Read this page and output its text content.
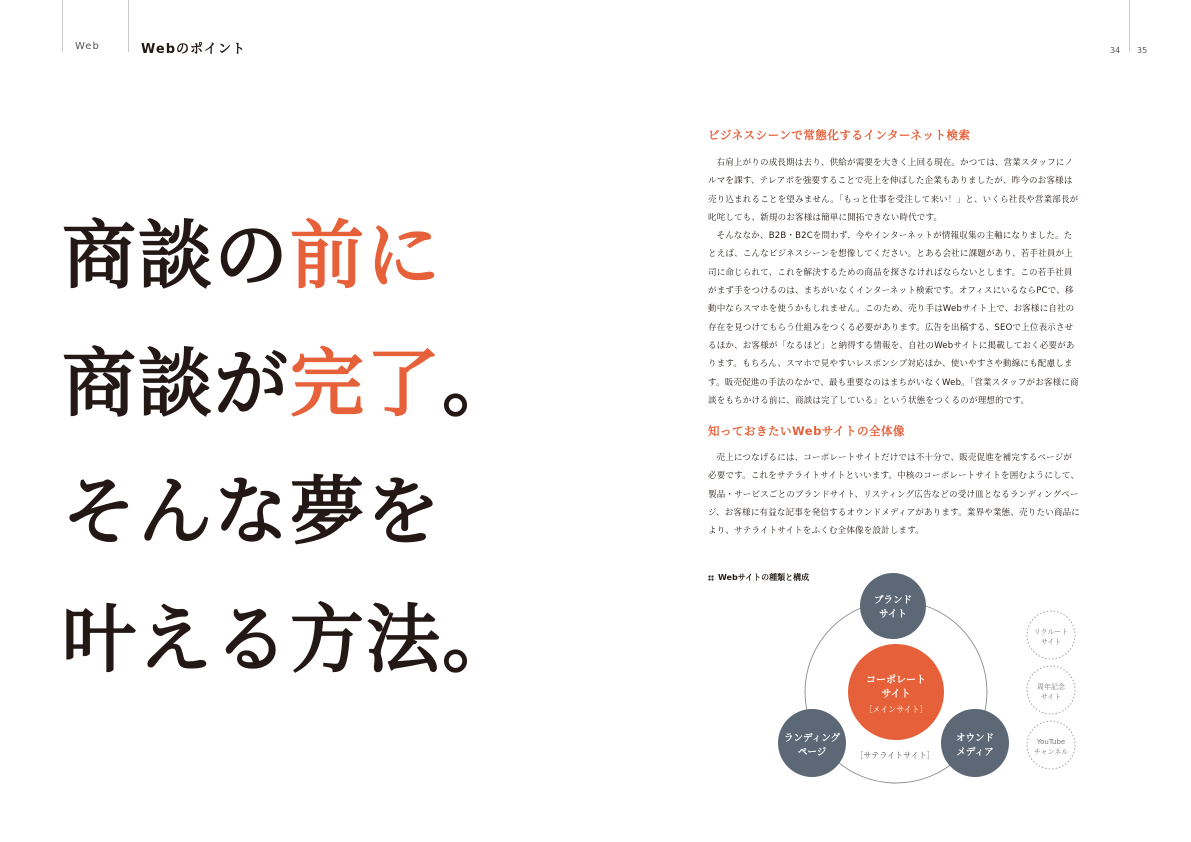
Web	Webのポイント	34 35
商談の前に
商談が完了。
そんな夢を
叶える方法。
ビジネスシーンで常態化するインターネット検索

右肩上がりの成長期は去り、供給が需要を大きく上回る現在。かつては、営業スタッフにノルマを課す、テレアポを強要することで売上を伸ばした企業もありましたが、昨今のお客様は売り込まれることを望みません。「もっと仕事を受注して来い！」と、いくら社長や営業部長が叱咤しても、新規のお客様は簡単に開拓できない時代です。

そんななか、B2B・B2Cを問わず、今やインターネットが情報収集の主軸になりました。たとえば、こんなビジネスシーンを想像してください。とある会社に課題があり、若手社員が上司に命じられて、これを解決するための商品を探さなければならないとします。この若手社員がまず手をつけるのは、まちがいなくインターネット検索です。オフィスにいるならPCで、移動中ならスマホを使うかもしれません。このため、売り手はWebサイト上で、お客様に自社の存在を見つけてもらう仕組みをつくる必要があります。広告を出稿する、SEOで上位表示させるほか、お客様が「なるほど」と納得する情報を、自社のWebサイトに掲載しておく必要があります。もちろん、スマホで見やすいレスポンシブ対応ほか、使いやすさや動線にも配慮します。販売促進の手法のなかで、最も重要なのはまちがいなくWeb。「営業スタッフがお客様に商談をもちかける前に、商談は完了している」という状態をつくるのが理想的です。

知っておきたいWebサイトの全体像

売上につなげるには、コーポレートサイトだけでは不十分で、販売促進を補完するページが必要です。これをサテライトサイトといいます。中核のコーポレートサイトを囲むようにして、製品・サービスごとのブランドサイト、リスティング広告などの受け皿となるランディングページ、お客様に有益な記事を発信するオウンドメディアがあります。業界や業態、売りたい商品により、サテライトサイトをふくむ全体像を設計します。

Webサイトの種類と構成
［サテライトサイト］
コーポレート
サイト
［メインサイト］
ブランド
サイト
ランディング
ページ
オウンド
メディア
リクルート
サイト
周年記念
サイト
YouTube
チャンネル
